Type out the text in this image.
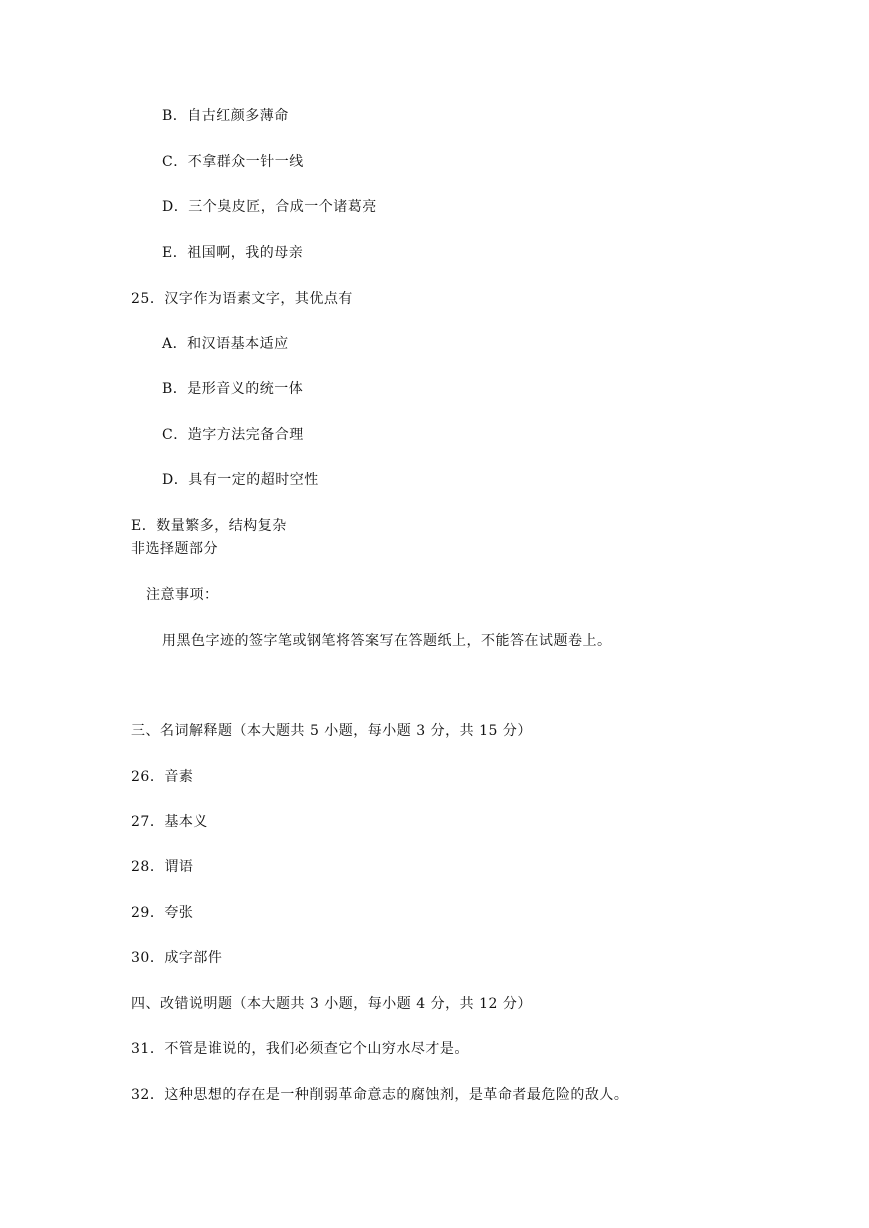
B．自古红颜多薄命
C．不拿群众一针一线
D．三个臭皮匠，合成一个诸葛亮
E．祖国啊，我的母亲
25．汉字作为语素文字，其优点有
A．和汉语基本适应
B．是形音义的统一体
C．造字方法完备合理
D．具有一定的超时空性
E．数量繁多，结构复杂
非选择题部分
注意事项：
用黑色字迹的签字笔或钢笔将答案写在答题纸上，不能答在试题卷上。
三、名词解释题（本大题共 5 小题，每小题 3 分，共 15 分）
26．音素
27．基本义
28．谓语
29．夸张
30．成字部件
四、改错说明题（本大题共 3 小题，每小题 4 分，共 12 分）
31．不管是谁说的，我们必须查它个山穷水尽才是。
32．这种思想的存在是一种削弱革命意志的腐蚀剂，是革命者最危险的敌人。
